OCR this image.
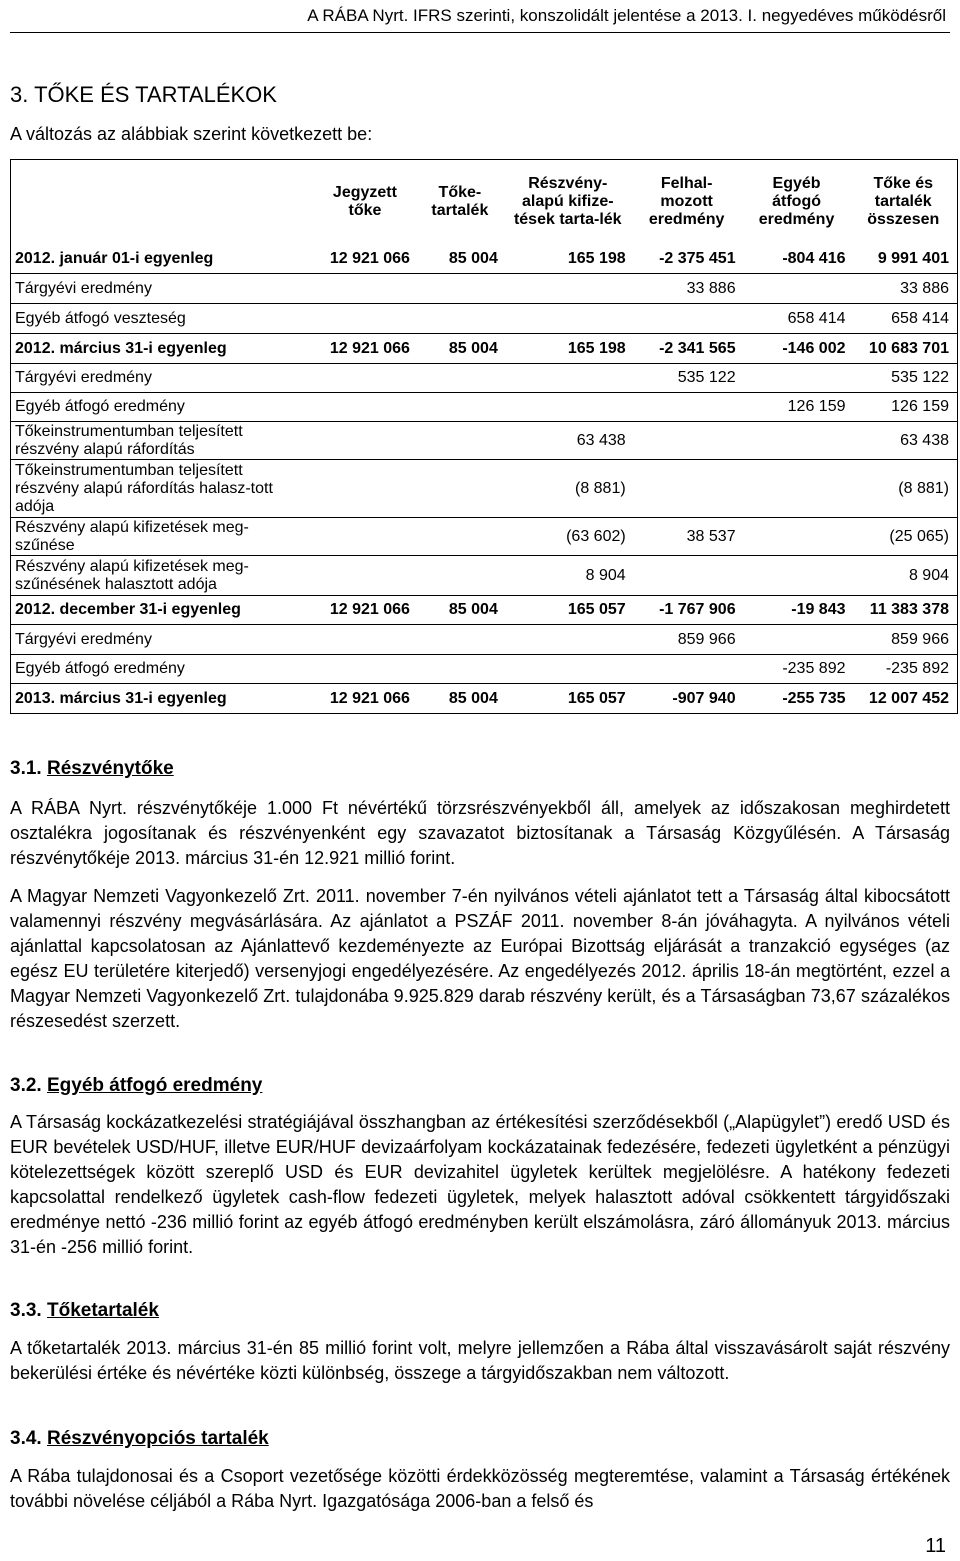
A RÁBA Nyrt. IFRS szerinti, konszolidált jelentése a 2013. I. negyedéves működésről
3. TŐKE ÉS TARTALÉKOK
A változás az alábbiak szerint következett be:
	Jegyzett tőke	Tőke-tartalék	Részvény-alapú kifize-tések tarta-lék	Felhal-mozott eredmény	Egyéb átfogó eredmény	Tőke és tartalék összesen
2012. január 01-i egyenleg	12 921 066	85 004	165 198	-2 375 451	-804 416	9 991 401
Tárgyévi eredmény				33 886		33 886
Egyéb átfogó veszteség					658 414	658 414
2012. március 31-i egyenleg	12 921 066	85 004	165 198	-2 341 565	-146 002	10 683 701
Tárgyévi eredmény				535 122		535 122
Egyéb átfogó eredmény					126 159	126 159
Tőkeinstrumentumban teljesített részvény alapú ráfordítás			63 438			63 438
Tőkeinstrumentumban teljesített részvény alapú ráfordítás halasz-tott adója			(8 881)			(8 881)
Részvény alapú kifizetések meg-szűnése			(63 602)	38 537		(25 065)
Részvény alapú kifizetések meg-szűnésének halasztott adója			8 904			8 904
2012. december 31-i egyenleg	12 921 066	85 004	165 057	-1 767 906	-19 843	11 383 378
Tárgyévi eredmény				859 966		859 966
Egyéb átfogó eredmény					-235 892	-235 892
2013. március 31-i egyenleg	12 921 066	85 004	165 057	-907 940	-255 735	12 007 452
3.1. Részvénytőke
A RÁBA Nyrt. részvénytőkéje 1.000 Ft névértékű törzsrészvényekből áll, amelyek az időszakosan meghirdetett osztalékra jogosítanak és részvényenként egy szavazatot biztosítanak a Társaság Közgyűlésén. A Társaság részvénytőkéje 2013. március 31-én 12.921 millió forint.
A Magyar Nemzeti Vagyonkezelő Zrt. 2011. november 7-én nyilvános vételi ajánlatot tett a Társaság által kibocsátott valamennyi részvény megvásárlására. Az ajánlatot a PSZÁF 2011. november 8-án jóváhagyta. A nyilvános vételi ajánlattal kapcsolatosan az Ajánlattevő kezdeményezte az Európai Bizottság eljárását a tranzakció egységes (az egész EU területére kiterjedő) versenyjogi engedélyezésére. Az engedélyezés 2012. április 18-án megtörtént, ezzel a Magyar Nemzeti Vagyonkezelő Zrt. tulajdonába 9.925.829 darab részvény került, és a Társaságban 73,67 százalékos részesedést szerzett.
3.2. Egyéb átfogó eredmény
A Társaság kockázatkezelési stratégiájával összhangban az értékesítési szerződésekből („Alapügylet”) eredő USD és EUR bevételek USD/HUF, illetve EUR/HUF devizaárfolyam kockázatainak fedezésére, fedezeti ügyletként a pénzügyi kötelezettségek között szereplő USD és EUR devizahitel ügyletek kerültek megjelölésre. A hatékony fedezeti kapcsolattal rendelkező ügyletek cash-flow fedezeti ügyletek, melyek halasztott adóval csökkentett tárgyidőszaki eredménye nettó -236 millió forint az egyéb átfogó eredményben került elszámolásra, záró állományuk 2013. március 31-én -256 millió forint.
3.3. Tőketartalék
A tőketartalék 2013. március 31-én 85 millió forint volt, melyre jellemzően a Rába által visszavásárolt saját részvény bekerülési értéke és névértéke közti különbség, összege a tárgyidőszakban nem változott.
3.4. Részvényopciós tartalék
A Rába tulajdonosai és a Csoport vezetősége közötti érdekközösség megteremtése, valamint a Társaság értékének további növelése céljából a Rába Nyrt. Igazgatósága 2006-ban a felső és
11
